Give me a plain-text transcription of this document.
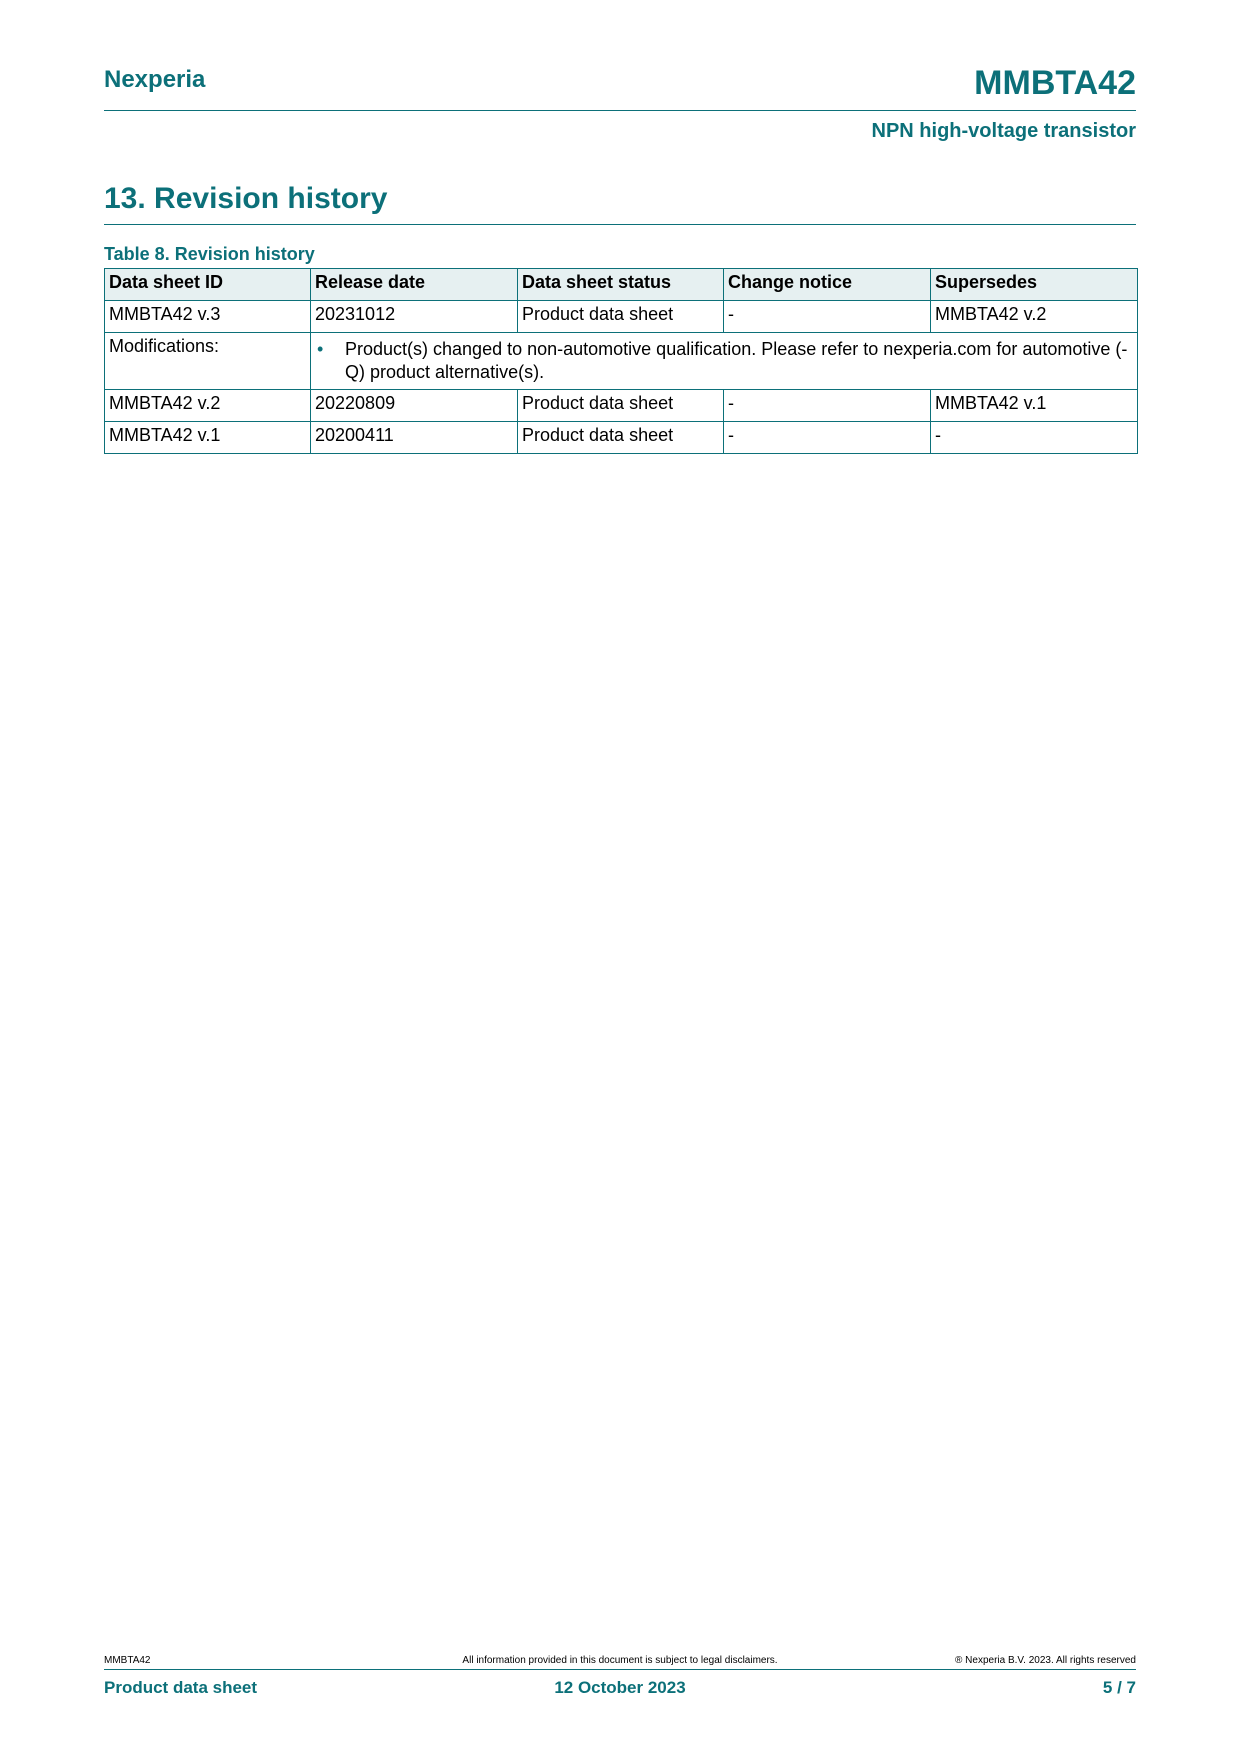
Nexperia	MMBTA42
NPN high-voltage transistor
13. Revision history
Table 8. Revision history
Data sheet ID	Release date	Data sheet status	Change notice	Supersedes
MMBTA42 v.3	20231012	Product data sheet	-	MMBTA42 v.2
Modifications:	• Product(s) changed to non-automotive qualification. Please refer to nexperia.com for automotive (-Q) product alternative(s).			

MMBTA42 v.2	20220809	Product data sheet	-	MMBTA42 v.1
MMBTA42 v.1	20200411	Product data sheet	-	-
MMBTA42	All information provided in this document is subject to legal disclaimers.	® Nexperia B.V. 2023. All rights reserved
Product data sheet	12 October 2023	5 / 7
